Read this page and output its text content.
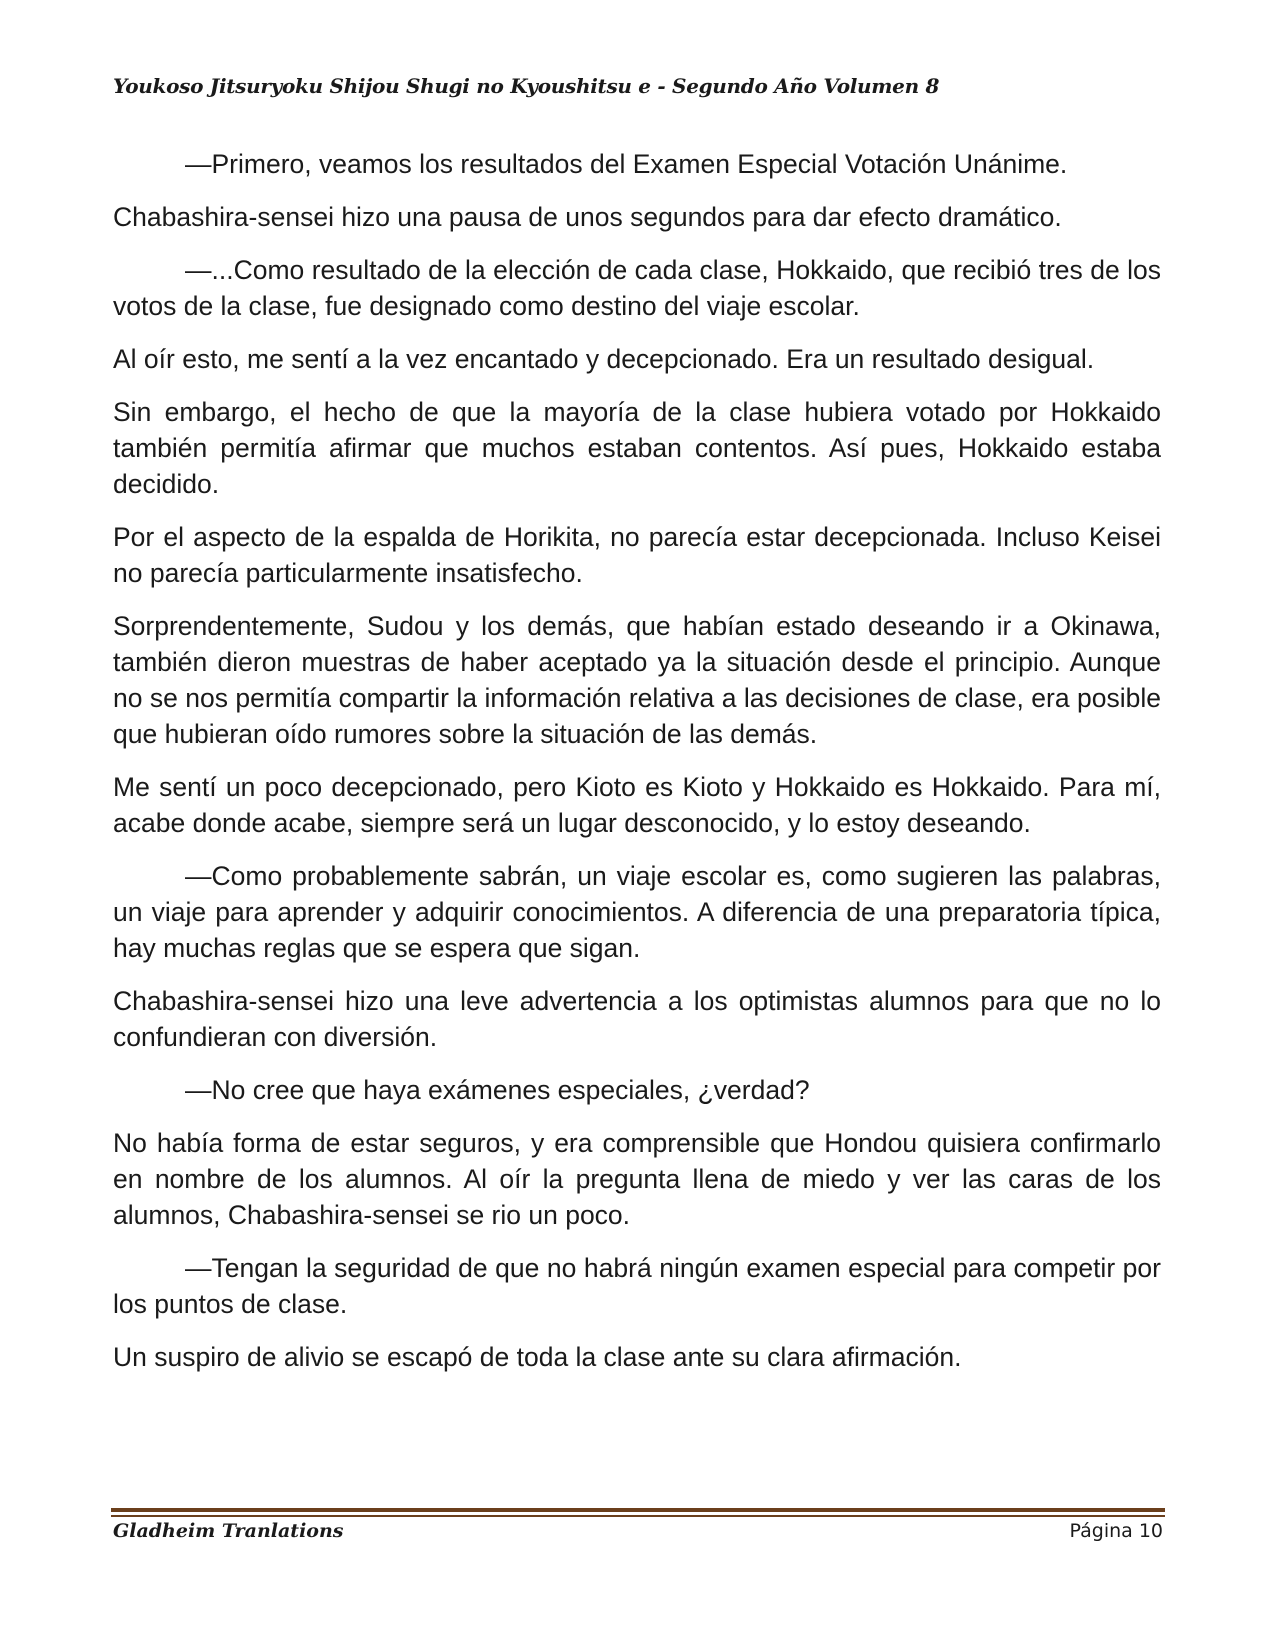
Youkoso Jitsuryoku Shijou Shugi no Kyoushitsu e - Segundo Año Volumen 8

—Primero, veamos los resultados del Examen Especial Votación Unánime.

Chabashira-sensei hizo una pausa de unos segundos para dar efecto dramático.

—...Como resultado de la elección de cada clase, Hokkaido, que recibió tres de los votos de la clase, fue designado como destino del viaje escolar.

Al oír esto, me sentí a la vez encantado y decepcionado. Era un resultado desigual.

Sin embargo, el hecho de que la mayoría de la clase hubiera votado por Hokkaido también permitía afirmar que muchos estaban contentos. Así pues, Hokkaido estaba decidido.

Por el aspecto de la espalda de Horikita, no parecía estar decepcionada. Incluso Keisei no parecía particularmente insatisfecho.

Sorprendentemente, Sudou y los demás, que habían estado deseando ir a Okinawa, también dieron muestras de haber aceptado ya la situación desde el principio. Aunque no se nos permitía compartir la información relativa a las decisiones de clase, era posible que hubieran oído rumores sobre la situación de las demás.

Me sentí un poco decepcionado, pero Kioto es Kioto y Hokkaido es Hokkaido. Para mí, acabe donde acabe, siempre será un lugar desconocido, y lo estoy deseando.

—Como probablemente sabrán, un viaje escolar es, como sugieren las palabras, un viaje para aprender y adquirir conocimientos. A diferencia de una preparatoria típica, hay muchas reglas que se espera que sigan.

Chabashira-sensei hizo una leve advertencia a los optimistas alumnos para que no lo confundieran con diversión.

—No cree que haya exámenes especiales, ¿verdad?

No había forma de estar seguros, y era comprensible que Hondou quisiera confirmarlo en nombre de los alumnos. Al oír la pregunta llena de miedo y ver las caras de los alumnos, Chabashira-sensei se rio un poco.

—Tengan la seguridad de que no habrá ningún examen especial para competir por los puntos de clase.

Un suspiro de alivio se escapó de toda la clase ante su clara afirmación.

Gladheim Tranlations	Página 10
